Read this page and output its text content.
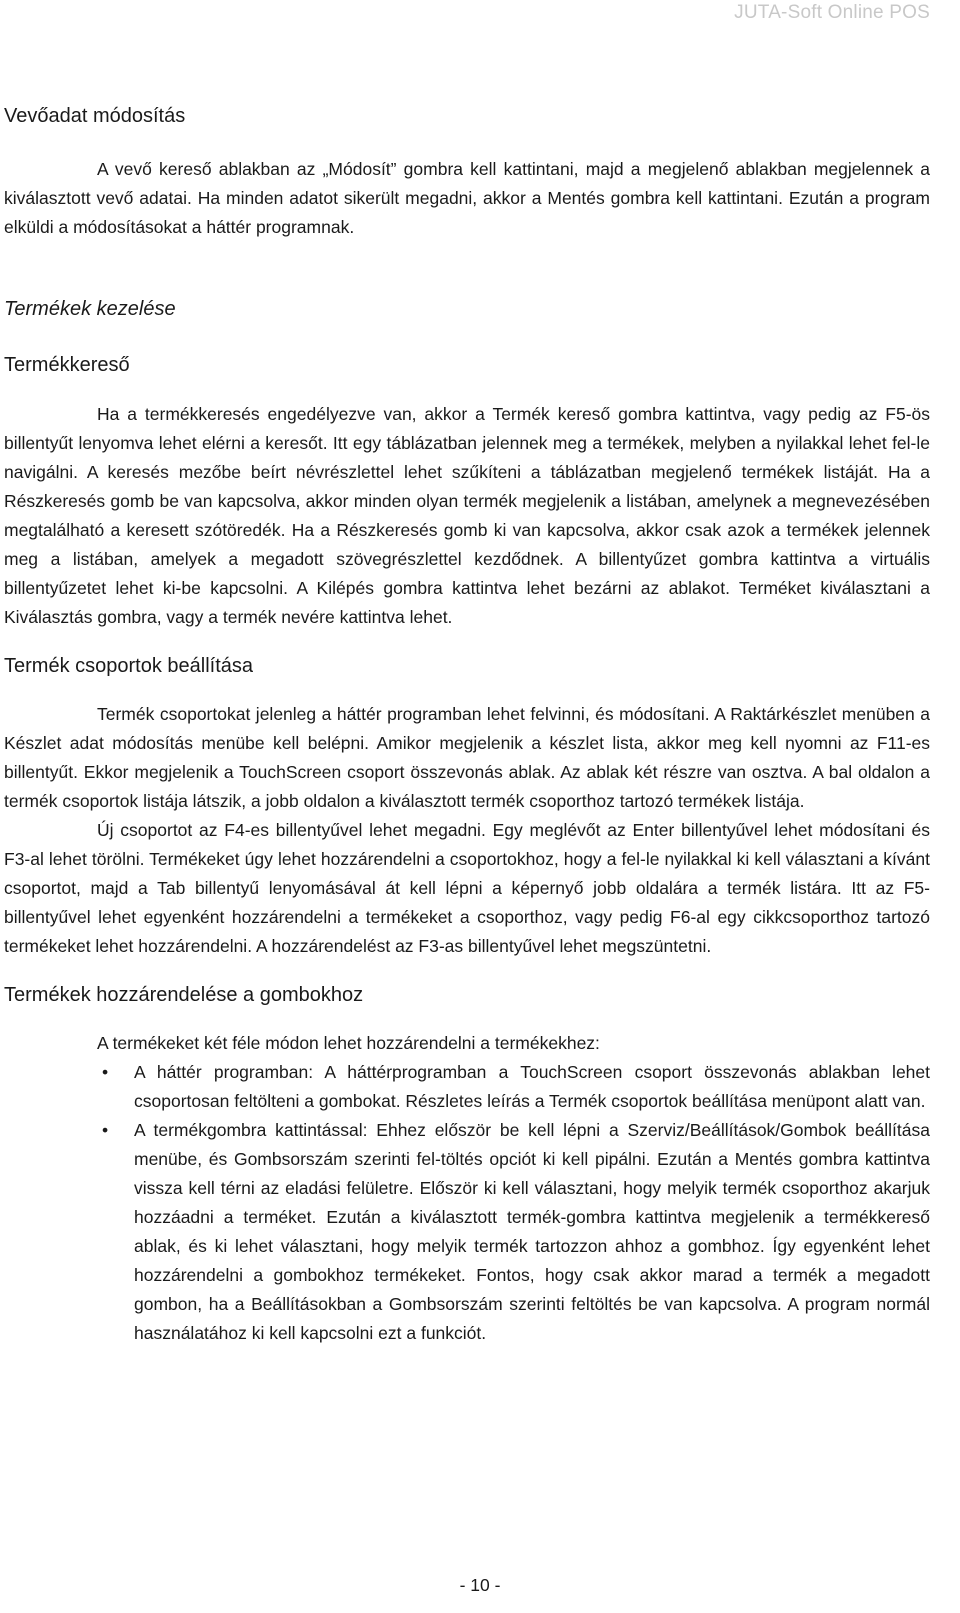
JUTA-Soft Online POS
Vevőadat módosítás

A vevő kereső ablakban az „Módosít” gombra kell kattintani, majd a megjelenő ablakban megjelennek a kiválasztott vevő adatai. Ha minden adatot sikerült megadni, akkor a Mentés gombra kell kattintani. Ezután a program elküldi a módosításokat a háttér programnak.

Termékek kezelése
Termékkereső

Ha a termékkeresés engedélyezve van, akkor a Termék kereső gombra kattintva, vagy pedig az F5-ös billentyűt lenyomva lehet elérni a keresőt. Itt egy táblázatban jelennek meg a termékek, melyben a nyilakkal lehet fel-le navigálni. A keresés mezőbe beírt névrészlettel lehet szűkíteni a táblázatban megjelenő termékek listáját. Ha a Részkeresés gomb be van kapcsolva, akkor minden olyan termék megjelenik a listában, amelynek a megnevezésében megtalálható a keresett szótöredék. Ha a Részkeresés gomb ki van kapcsolva, akkor csak azok a termékek jelennek meg a listában, amelyek a megadott szövegrészlettel kezdődnek. A billentyűzet gombra kattintva a virtuális billentyűzetet lehet ki-be kapcsolni. A Kilépés gombra kattintva lehet bezárni az ablakot. Terméket kiválasztani a Kiválasztás gombra, vagy a termék nevére kattintva lehet.

Termék csoportok beállítása

Termék csoportokat jelenleg a háttér programban lehet felvinni, és módosítani. A Raktárkészlet menüben a Készlet adat módosítás menübe kell belépni. Amikor megjelenik a készlet lista, akkor meg kell nyomni az F11-es billentyűt. Ekkor megjelenik a TouchScreen csoport összevonás ablak. Az ablak két részre van osztva. A bal oldalon a termék csoportok listája látszik, a jobb oldalon a kiválasztott termék csoporthoz tartozó termékek listája.

Új csoportot az F4-es billentyűvel lehet megadni. Egy meglévőt az Enter billentyűvel lehet módosítani és F3-al lehet törölni. Termékeket úgy lehet hozzárendelni a csoportokhoz, hogy a fel-le nyilakkal ki kell választani a kívánt csoportot, majd a Tab billentyű lenyomásával át kell lépni a képernyő jobb oldalára a termék listára. Itt az F5-billentyűvel lehet egyenként hozzárendelni a termékeket a csoporthoz, vagy pedig F6-al egy cikkcsoporthoz tartozó termékeket lehet hozzárendelni. A hozzárendelést az F3-as billentyűvel lehet megszüntetni.

Termékek hozzárendelése a gombokhoz

A termékeket két féle módon lehet hozzárendelni a termékekhez:

• A háttér programban: A háttérprogramban a TouchScreen csoport összevonás ablakban lehet csoportosan feltölteni a gombokat. Részletes leírás a Termék csoportok beállítása menüpont alatt van.
• A termékgombra kattintással: Ehhez először be kell lépni a Szerviz/Beállítások/Gombok beállítása menübe, és Gombsorszám szerinti fel-töltés opciót ki kell pipálni. Ezután a Mentés gombra kattintva vissza kell térni az eladási felületre. Először ki kell választani, hogy melyik termék csoporthoz akarjuk hozzáadni a terméket. Ezután a kiválasztott termék-gombra kattintva megjelenik a termékkereső ablak, és ki lehet választani, hogy melyik termék tartozzon ahhoz a gombhoz. Így egyenként lehet hozzárendelni a gombokhoz termékeket. Fontos, hogy csak akkor marad a termék a megadott gombon, ha a Beállításokban a Gombsorszám szerinti feltöltés be van kapcsolva. A program normál használatához ki kell kapcsolni ezt a funkciót.
- 10 -
